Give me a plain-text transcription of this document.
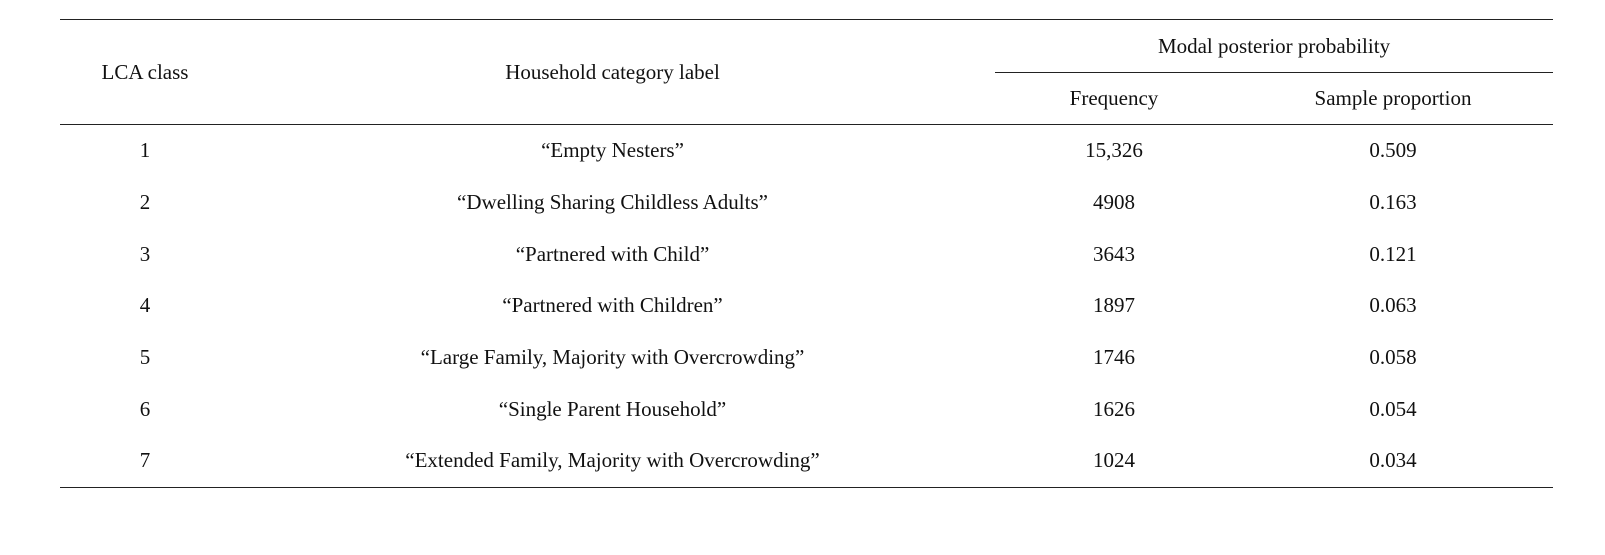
LCA class	Household category label	Modal posterior probability	
		Frequency	Sample proportion
1	“Empty Nesters”	15,326	0.509
2	“Dwelling Sharing Childless Adults”	4908	0.163
3	“Partnered with Child”	3643	0.121
4	“Partnered with Children”	1897	0.063
5	“Large Family, Majority with Overcrowding”	1746	0.058
6	“Single Parent Household”	1626	0.054
7	“Extended Family, Majority with Overcrowding”	1024	0.034
